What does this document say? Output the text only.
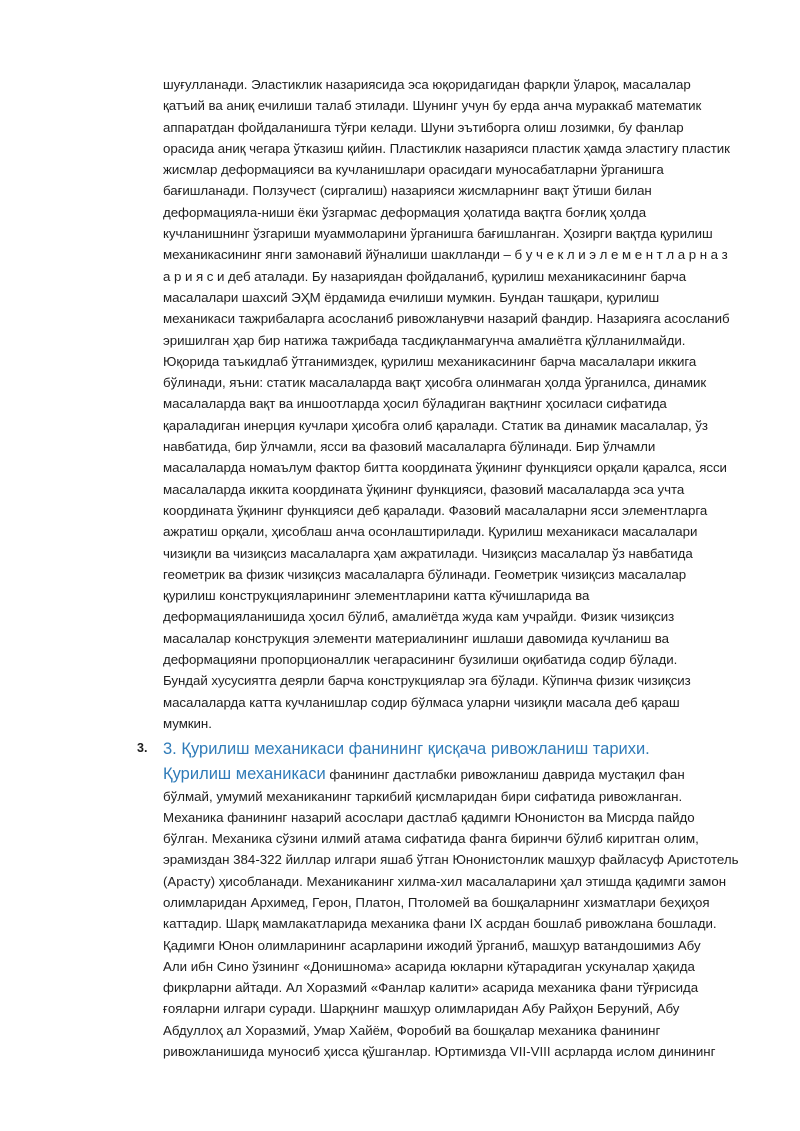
шуғулланади. Эластиклик назариясида эса юқоридагидан фарқли ўлароқ, масалалар
қатъий ва аниқ ечилиши талаб этилади. Шунинг учун бу ерда анча мураккаб математик
аппаратдан фойдаланишга тўғри келади. Шуни эътиборга олиш лозимки, бу фанлар
орасида аниқ чегара ўтказиш қийин. Пластиклик назарияси пластик ҳамда эластигу пластик
жисмлар деформацияси ва кучланишлари орасидаги муносабатларни ўрганишга
бағишланади. Ползучест (сиргалиш) назарияси жисмларнинг вақт ўтиши билан
деформацияла-ниши ёки ўзгармас деформация ҳолатида вақтга боғлиқ ҳолда
кучланишнинг ўзгариши муаммоларини ўрганишга бағишланган. Ҳозирги вақтда қурилиш
механикасининг янги замонавий йўналиши шаклланди – б у ч е к л и э л е м е н т л а р н а з
а р и я с и деб аталади. Бу назариядан фойдаланиб, қурилиш механикасининг барча
масалалари шахсий ЭҲМ ёрдамида ечилиши мумкин. Бундан ташқари, қурилиш
механикаси тажрибаларга асосланиб ривожланувчи назарий фандир. Назарияга асосланиб
эришилган ҳар бир натижа тажрибада тасдиқланмагунча амалиётга қўлланилмайди.
Юқорида таъкидлаб ўтганимиздек, қурилиш механикасининг барча масалалари иккига
бўлинади, яъни: статик масалаларда вақт ҳисобга олинмаган ҳолда ўрганилса, динамик
масалаларда вақт ва иншоотларда ҳосил бўладиган вақтнинг ҳосилаcи сифатида
қараладиган инерция кучлари ҳисобга олиб қаралади. Статик ва динамик масалалар, ўз
навбатида, бир ўлчамли, ясси ва фазовий масалаларга бўлинади. Бир ўлчамли
масалаларда номаълум фактор битта координата ўқининг функцияси орқали қаралса, ясси
масалаларда иккита координата ўқининг функцияси, фазовий масалаларда эса учта
координата ўқининг функцияси деб қаралади. Фазовий масалаларни ясси элементларга
ажратиш орқали, ҳисоблаш анча осонлаштирилади. Қурилиш механикаси масалалари
чизиқли ва чизиқсиз масалаларга ҳам ажратилади. Чизиқсиз масалалар ўз навбатида
геометрик ва физик чизиқсиз масалаларга бўлинади. Геометрик чизиқсиз масалалар
қурилиш конструкцияларининг элементларини катта кўчишларида ва
деформацияланишида ҳосил бўлиб, амалиётда жуда кам учрайди. Физик чизиқсиз
масалалар конструкция элементи материалининг ишлаши давомида кучланиш ва
деформацияни пропорционаллик чегарасининг бузилиши оқибатида содир бўлади.
Бундай хусусиятга деярли барча конструкциялар эга бўлади. Кўпинча физик чизиқсиз
масалаларда катта кучланишлар содир бўлмаса уларни чизиқли масала деб қараш
мумкин.

3. 3. Қурилиш механикаси фанининг қисқача ривожланиш тарихи.

Қурилиш механикаси фанининг дастлабки ривожланиш даврида мустақил фан
бўлмай, умумий механиканинг таркибий қисмларидан бири сифатида ривожланган.
Механика фанининг назарий асослари дастлаб қадимги Юнонистон ва Мисрда пайдо
бўлган. Механика сўзини илмий атама сифатида фанга биринчи бўлиб киритган олим,
эрамиздан 384-322 йиллар илгари яшаб ўтган Юнонистонлик машҳур файласуф Аристотель
(Арасту) ҳисобланади. Механиканинг хилма-хил масалаларини ҳал этишда қадимги замон
олимларидан Архимед, Герон, Платон, Птоломей ва бошқаларнинг хизматлари беҳиҳоя
каттадир. Шарқ мамлакатларида механика фани IX асрдан бошлаб ривожлана бошлади.
Қадимги Юнон олимларининг асарларини ижодий ўрганиб, машҳур ватандошимиз Абу
Али ибн Сино ўзининг «Донишнома» асарида юкларни кўтарадиган ускуналар ҳақида
фикрларни айтади. Ал Хоразмий «Фанлар калити» асарида механика фани тўғрисида
ғояларни илгари суради. Шарқнинг машҳур олимларидан Абу Райҳон Беруний, Абу
Абдуллоҳ ал Хоразмий, Умар Хайём, Форобий ва бошқалар механика фанининг
ривожланишида муносиб ҳисса қўшганлар. Юртимизда VII-VIII асрларда ислом динининг
